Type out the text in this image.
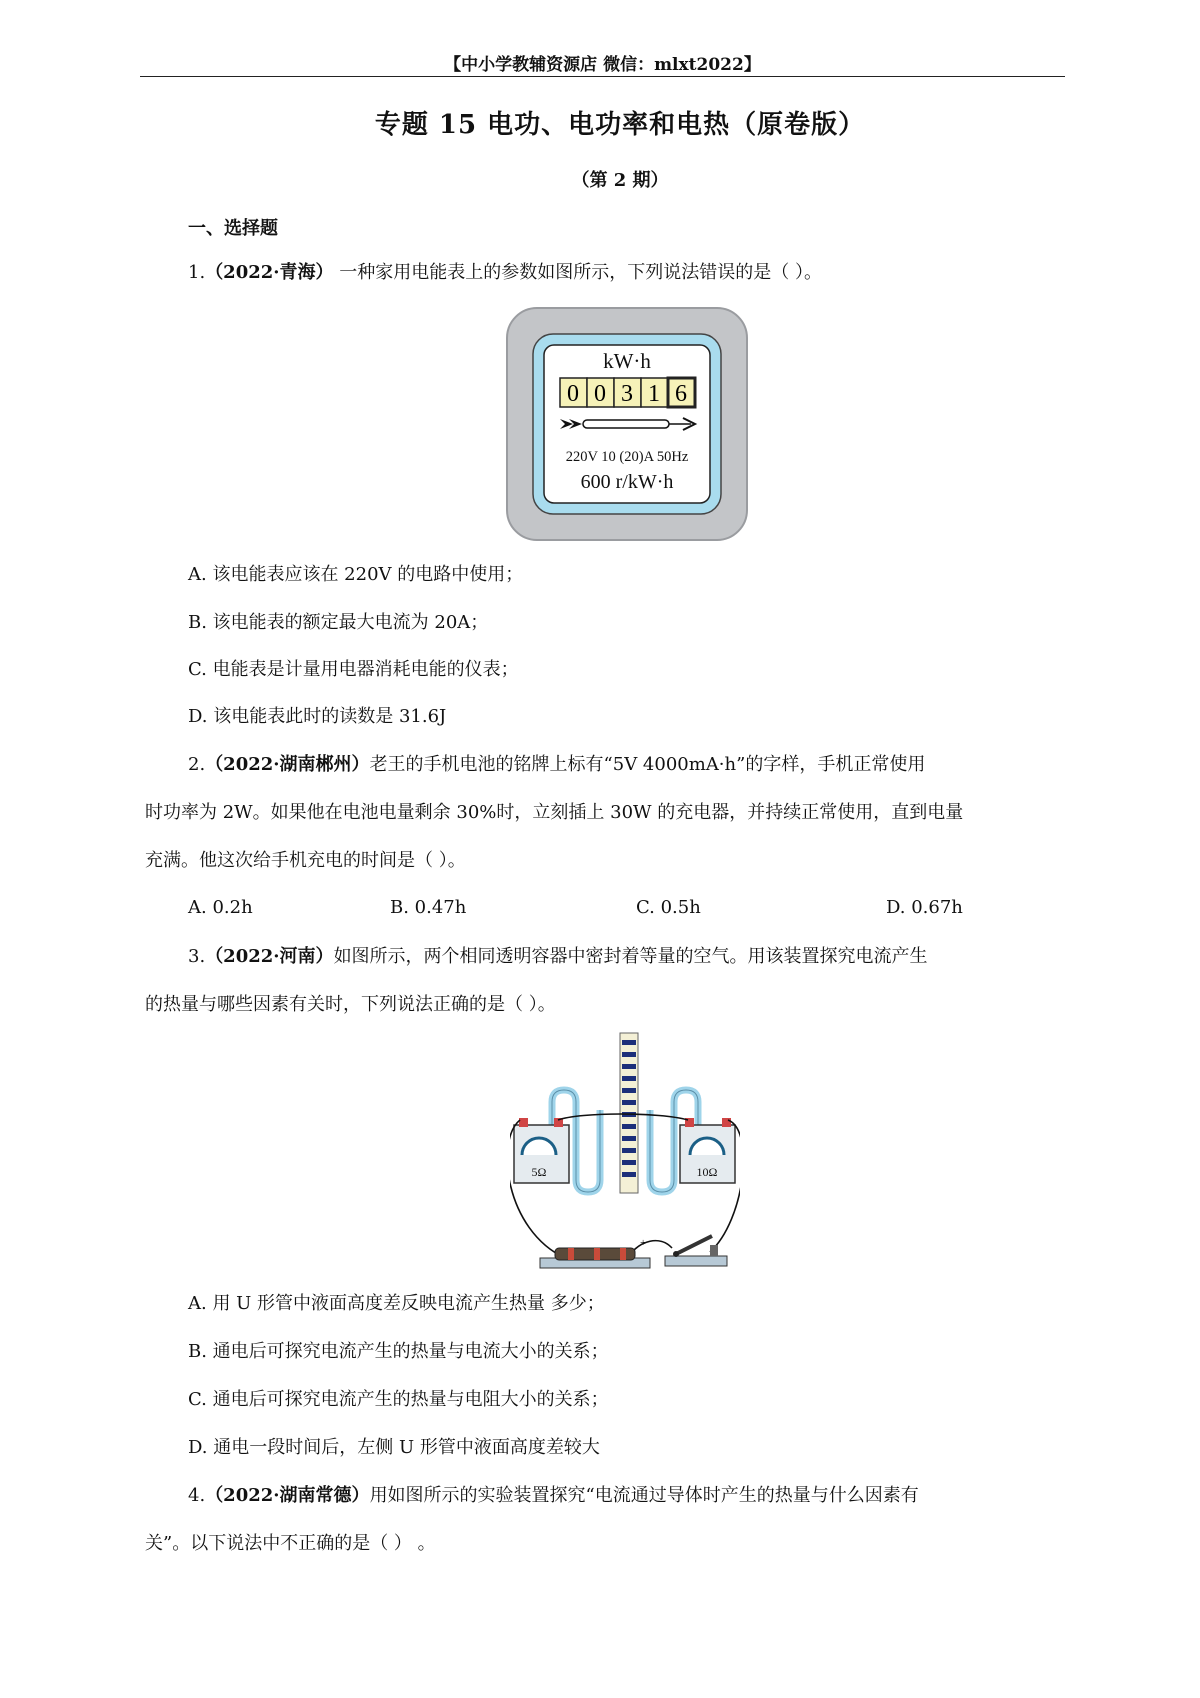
【中小学教辅资源店 微信：mlxt2022】
专题 15 电功、电功率和电热（原卷版）
（第 2 期）
一、选择题
1.（2022·青海） 一种家用电能表上的参数如图所示，下列说法错误的是（ ）。
kW·h
0 0 3 1 6
220V 10 (20)A 50Hz
600 r/kW·h
A. 该电能表应该在 220V 的电路中使用；
B. 该电能表的额定最大电流为 20A；
C. 电能表是计量用电器消耗电能的仪表；
D. 该电能表此时的读数是 31.6J
2.（2022·湖南郴州）老王的手机电池的铭牌上标有“5V 4000mA·h”的字样，手机正常使用
时功率为 2W。如果他在电池电量剩余 30%时，立刻插上 30W 的充电器，并持续正常使用，直到电量
充满。他这次给手机充电的时间是（ ）。
A. 0.2h	B. 0.47h	C. 0.5h	D. 0.67h
3.（2022·河南）如图所示，两个相同透明容器中密封着等量的空气。用该装置探究电流产生
的热量与哪些因素有关时，下列说法正确的是（ ）。
5Ω	10Ω
+
A. 用 U 形管中液面高度差反映电流产生热量 多少；
B. 通电后可探究电流产生的热量与电流大小的关系；
C. 通电后可探究电流产生的热量与电阻大小的关系；
D. 通电一段时间后，左侧 U 形管中液面高度差较大
4.（2022·湖南常德）用如图所示的实验装置探究“电流通过导体时产生的热量与什么因素有
关”。以下说法中不正确的是（ ） 。
